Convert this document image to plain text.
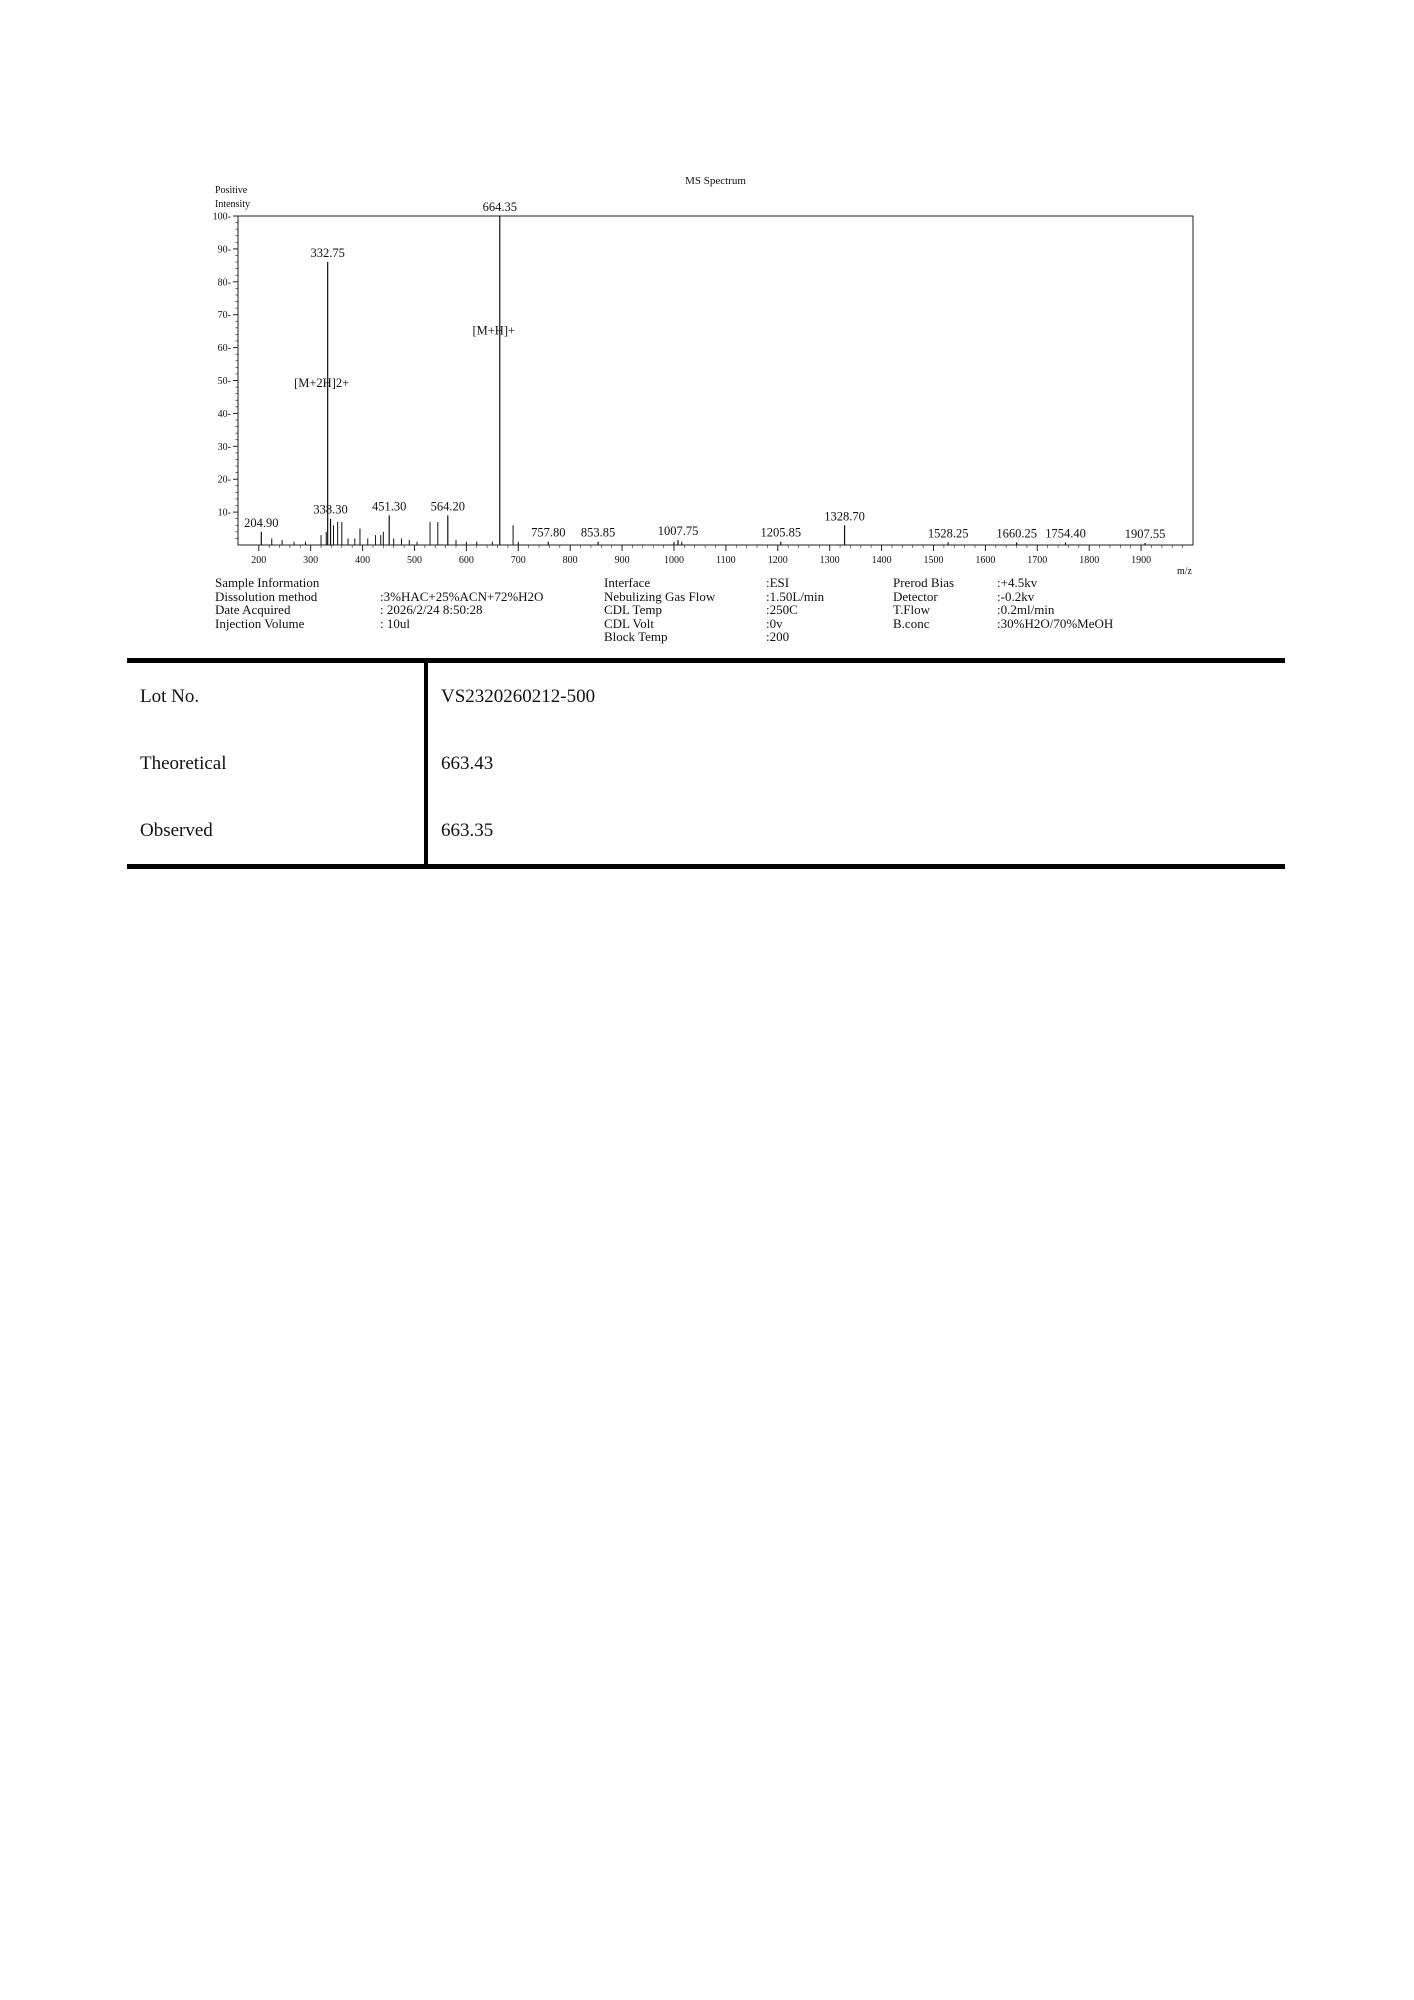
MS Spectrum
Positive
Intensity
m/z
10-
20-
30-
40-
50-
60-
70-
80-
90-
100-
200	300	400	500	600	700	800	900	1000	1100	1200	1300	1400	1500	1600	1700	1800	1900
204.90
332.75
338.30 451.30 564.20
664.35
757.80 853.85	1007.75	1205.85
1328.70
1528.25 1660.25 1754.40	1907.55
[M+2H]2+
[M+H]+
Sample Information
Dissolution method	:3%HAC+25%ACN+72%H2O
Date Acquired	: 2026/2/24 8:50:28
Injection Volume	: 10ul
Interface	:ESI
Nebulizing Gas Flow	:1.50L/min
CDL Temp	:250C
CDL Volt	:0v
Block Temp	:200
Prerod Bias	:+4.5kv
Detector	:-0.2kv
T.Flow	:0.2ml/min
B.conc	:30%H2O/70%MeOH
Lot No.	VS2320260212-500
Theoretical	663.43
Observed	663.35
